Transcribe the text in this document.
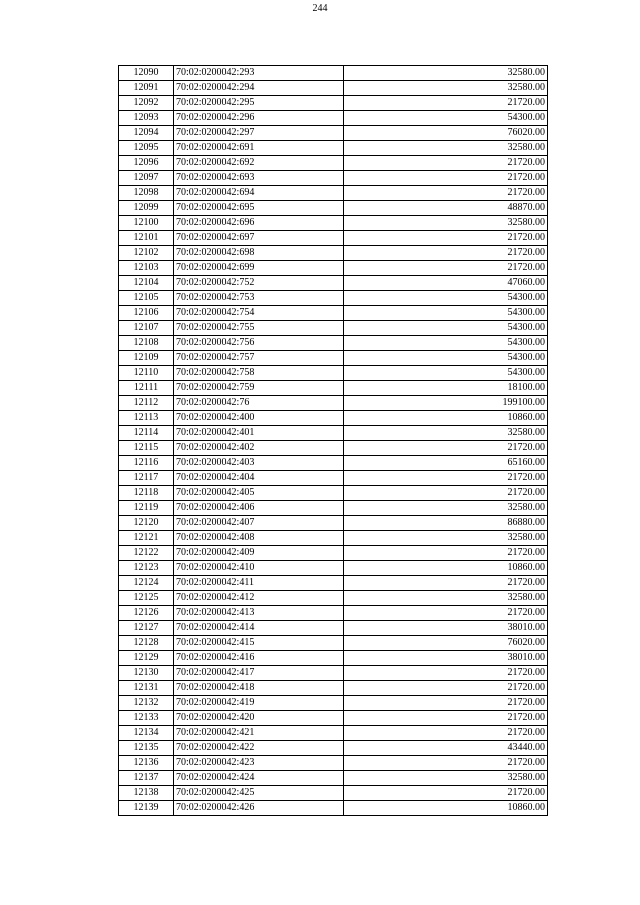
244
12090	70:02:0200042:293	32580.00
12091	70:02:0200042:294	32580.00
12092	70:02:0200042:295	21720.00
12093	70:02:0200042:296	54300.00
12094	70:02:0200042:297	76020.00
12095	70:02:0200042:691	32580.00
12096	70:02:0200042:692	21720.00
12097	70:02:0200042:693	21720.00
12098	70:02:0200042:694	21720.00
12099	70:02:0200042:695	48870.00
12100	70:02:0200042:696	32580.00
12101	70:02:0200042:697	21720.00
12102	70:02:0200042:698	21720.00
12103	70:02:0200042:699	21720.00
12104	70:02:0200042:752	47060.00
12105	70:02:0200042:753	54300.00
12106	70:02:0200042:754	54300.00
12107	70:02:0200042:755	54300.00
12108	70:02:0200042:756	54300.00
12109	70:02:0200042:757	54300.00
12110	70:02:0200042:758	54300.00
12111	70:02:0200042:759	18100.00
12112	70:02:0200042:76	199100.00
12113	70:02:0200042:400	10860.00
12114	70:02:0200042:401	32580.00
12115	70:02:0200042:402	21720.00
12116	70:02:0200042:403	65160.00
12117	70:02:0200042:404	21720.00
12118	70:02:0200042:405	21720.00
12119	70:02:0200042:406	32580.00
12120	70:02:0200042:407	86880.00
12121	70:02:0200042:408	32580.00
12122	70:02:0200042:409	21720.00
12123	70:02:0200042:410	10860.00
12124	70:02:0200042:411	21720.00
12125	70:02:0200042:412	32580.00
12126	70:02:0200042:413	21720.00
12127	70:02:0200042:414	38010.00
12128	70:02:0200042:415	76020.00
12129	70:02:0200042:416	38010.00
12130	70:02:0200042:417	21720.00
12131	70:02:0200042:418	21720.00
12132	70:02:0200042:419	21720.00
12133	70:02:0200042:420	21720.00
12134	70:02:0200042:421	21720.00
12135	70:02:0200042:422	43440.00
12136	70:02:0200042:423	21720.00
12137	70:02:0200042:424	32580.00
12138	70:02:0200042:425	21720.00
12139	70:02:0200042:426	10860.00
